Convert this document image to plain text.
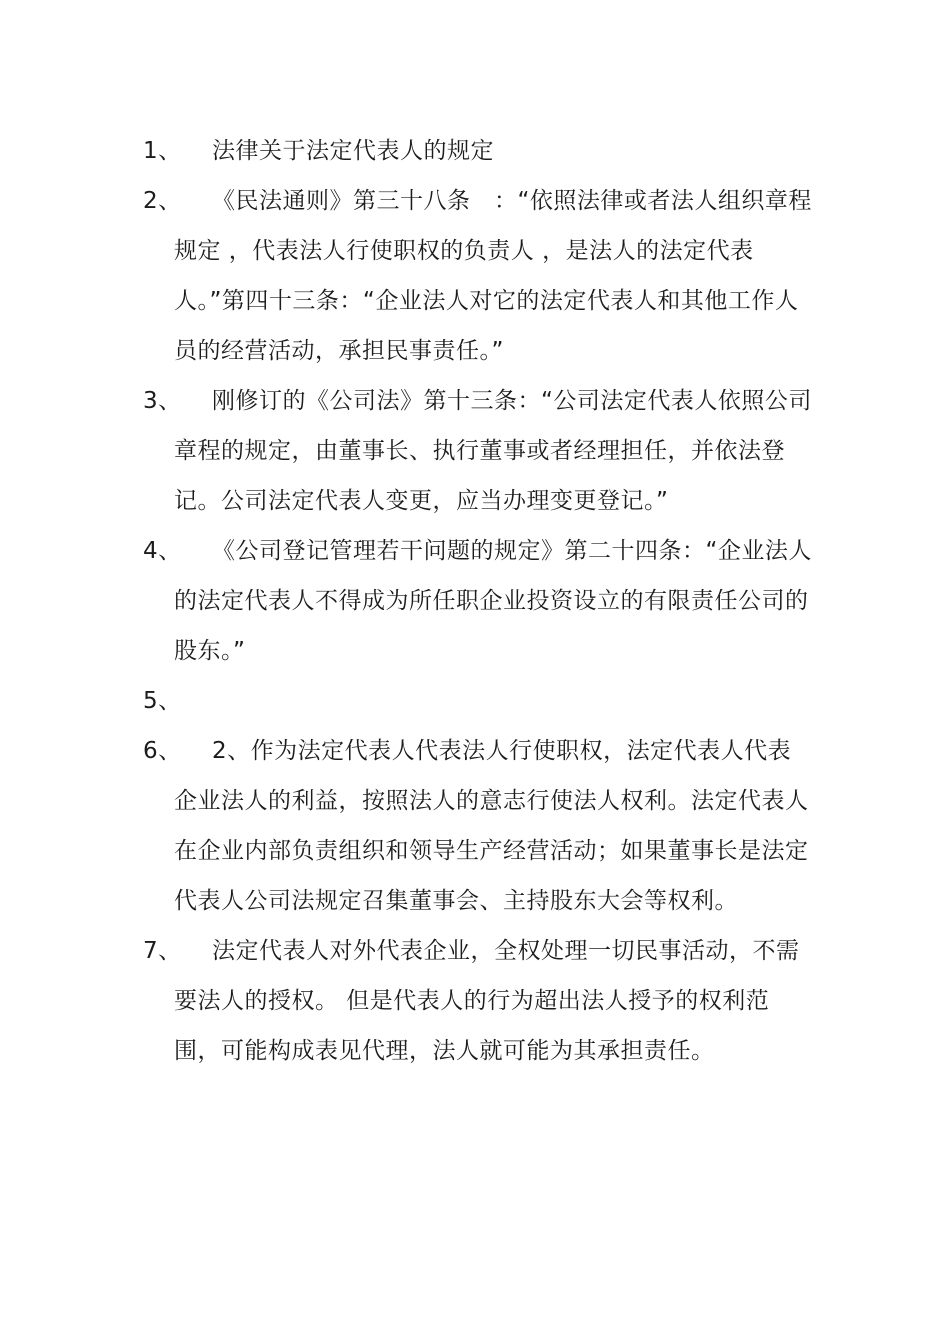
1、	法律关于法定代表人的规定
2、	《民法通则》第三十八条　：“依照法律或者法人组织章程规定 ，代表法人行使职权的负责人 ，是法人的法定代表人。”第四十三条：“企业法人对它的法定代表人和其他工作人员的经营活动，承担民事责任。”
3、	刚修订的《公司法》第十三条：“公司法定代表人依照公司章程的规定，由董事长、执行董事或者经理担任，并依法登记。公司法定代表人变更，应当办理变更登记。”
4、	《公司登记管理若干问题的规定》第二十四条：“企业法人的法定代表人不得成为所任职企业投资设立的有限责任公司的股东。”
5、

6、	2、作为法定代表人代表法人行使职权，法定代表人代表企业法人的利益，按照法人的意志行使法人权利。法定代表人在企业内部负责组织和领导生产经营活动；如果董事长是法定代表人公司法规定召集董事会、主持股东大会等权利。
7、	法定代表人对外代表企业，全权处理一切民事活动，不需要法人的授权。 但是代表人的行为超出法人授予的权利范围，可能构成表见代理，法人就可能为其承担责任。
